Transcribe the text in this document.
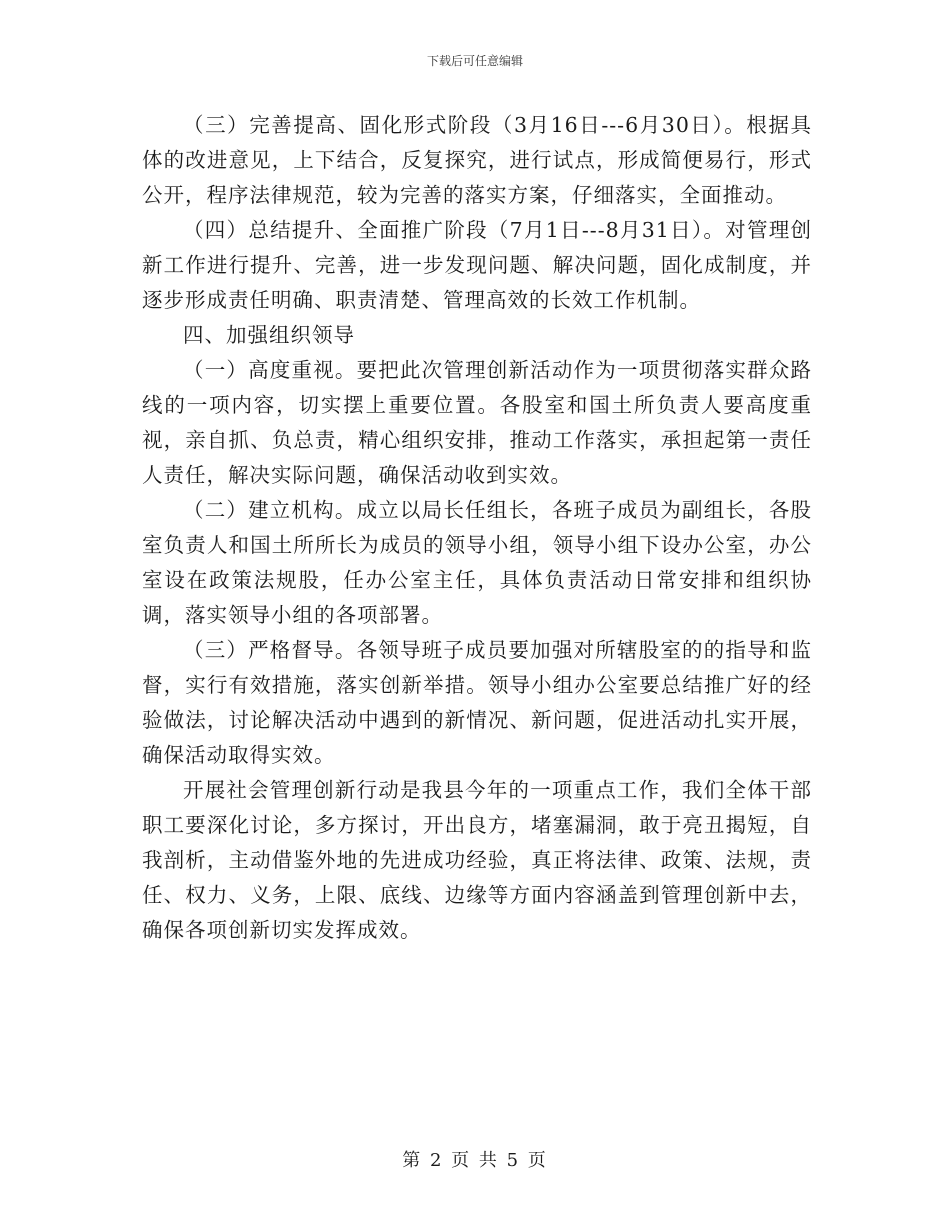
下载后可任意编辑

（三）完善提高、固化形式阶段（3月16日---6月30日）。根据具体的改进意见，上下结合，反复探究，进行试点，形成简便易行，形式公开，程序法律规范，较为完善的落实方案，仔细落实，全面推动。

（四）总结提升、全面推广阶段（7月1日---8月31日）。对管理创新工作进行提升、完善，进一步发现问题、解决问题，固化成制度，并逐步形成责任明确、职责清楚、管理高效的长效工作机制。

四、加强组织领导

（一）高度重视。要把此次管理创新活动作为一项贯彻落实群众路线的一项内容，切实摆上重要位置。各股室和国土所负责人要高度重视，亲自抓、负总责，精心组织安排，推动工作落实，承担起第一责任人责任，解决实际问题，确保活动收到实效。

（二）建立机构。成立以局长任组长，各班子成员为副组长，各股室负责人和国土所所长为成员的领导小组，领导小组下设办公室，办公室设在政策法规股，任办公室主任，具体负责活动日常安排和组织协调，落实领导小组的各项部署。

（三）严格督导。各领导班子成员要加强对所辖股室的的指导和监督，实行有效措施，落实创新举措。领导小组办公室要总结推广好的经验做法，讨论解决活动中遇到的新情况、新问题，促进活动扎实开展，确保活动取得实效。

开展社会管理创新行动是我县今年的一项重点工作，我们全体干部职工要深化讨论，多方探讨，开出良方，堵塞漏洞，敢于亮丑揭短，自我剖析，主动借鉴外地的先进成功经验，真正将法律、政策、法规，责任、权力、义务，上限、底线、边缘等方面内容涵盖到管理创新中去，确保各项创新切实发挥成效。

第 2 页 共 5 页
